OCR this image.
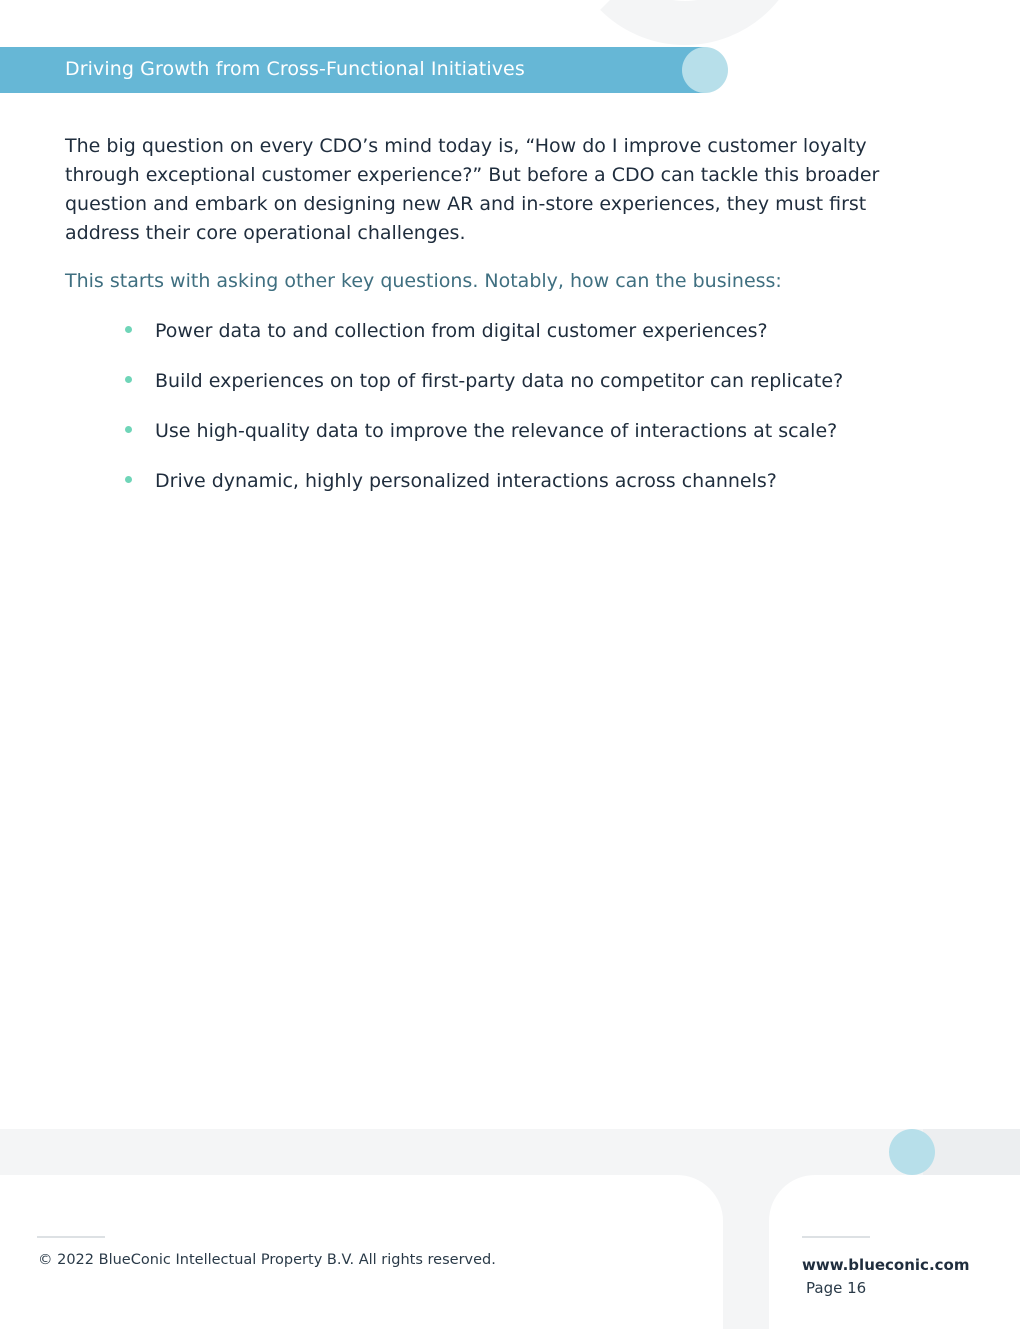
Driving Growth from Cross-Functional Initiatives

The big question on every CDO’s mind today is, “How do I improve customer loyalty through exceptional customer experience?” But before a CDO can tackle this broader question and embark on designing new AR and in-store experiences, they must first address their core operational challenges.

This starts with asking other key questions. Notably, how can the business:

Power data to and collection from digital customer experiences?
Build experiences on top of first-party data no competitor can replicate?
Use high-quality data to improve the relevance of interactions at scale?
Drive dynamic, highly personalized interactions across channels?
© 2022 BlueConic Intellectual Property B.V. All rights reserved.	www.blueconic.com
Page 16
